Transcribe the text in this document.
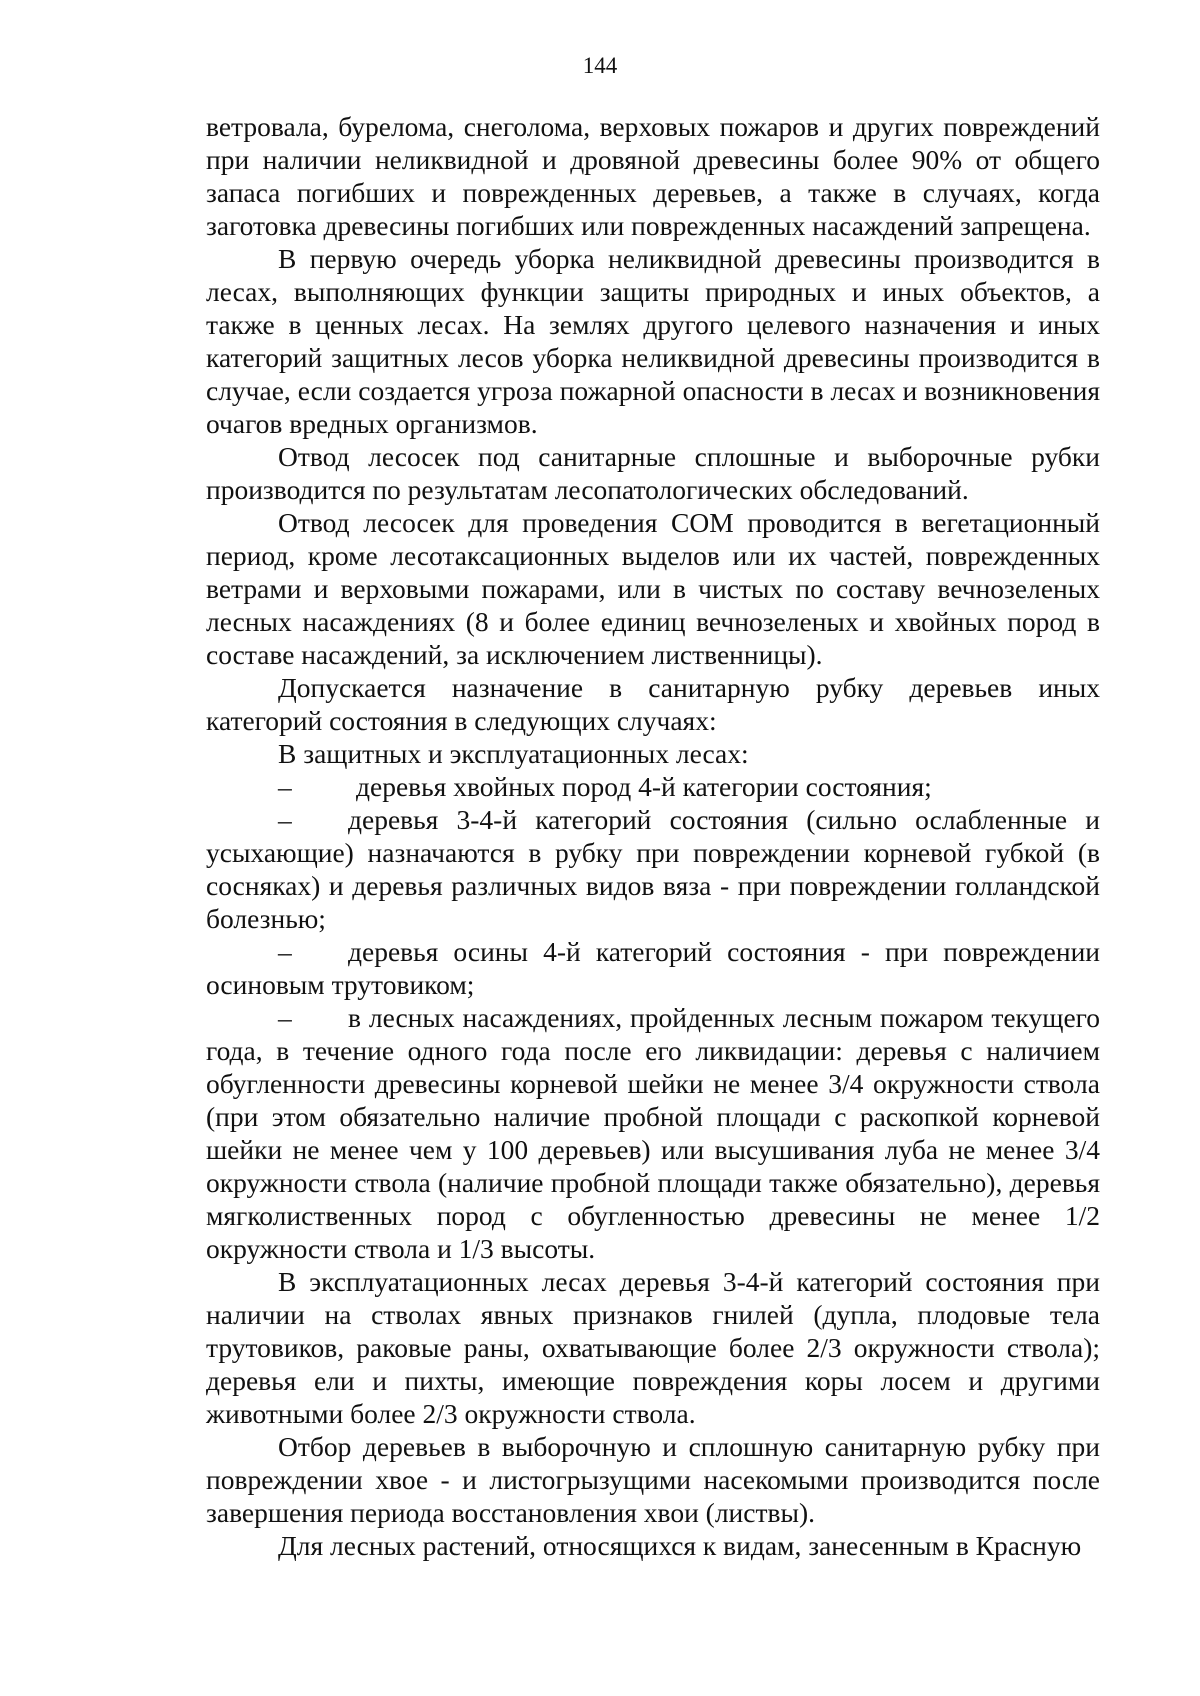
144

ветровала, бурелома, снеголома, верховых пожаров и других повреждений при наличии неликвидной и дровяной древесины более 90% от общего запаса погибших и поврежденных деревьев, а также в случаях, когда заготовка древесины погибших или поврежденных насаждений запрещена.

В первую очередь уборка неликвидной древесины производится в лесах, выполняющих функции защиты природных и иных объектов, а также в ценных лесах. На землях другого целевого назначения и иных категорий защитных лесов уборка неликвидной древесины производится в случае, если создается угроза пожарной опасности в лесах и возникновения очагов вредных организмов.

Отвод лесосек под санитарные сплошные и выборочные рубки производится по результатам лесопатологических обследований.

Отвод лесосек для проведения СОМ проводится в вегетационный период, кроме лесотаксационных выделов или их частей, поврежденных ветрами и верховыми пожарами, или в чистых по составу вечнозеленых лесных насаждениях (8 и более единиц вечнозеленых и хвойных пород в составе насаждений, за исключением лиственницы).

Допускается назначение в санитарную рубку деревьев иных категорий состояния в следующих случаях:

В защитных и эксплуатационных лесах:

– деревья хвойных пород 4-й категории состояния;

– деревья 3-4-й категорий состояния (сильно ослабленные и усыхающие) назначаются в рубку при повреждении корневой губкой (в сосняках) и деревья различных видов вяза - при повреждении голландской болезнью;

– деревья осины 4-й категорий состояния - при повреждении осиновым трутовиком;

– в лесных насаждениях, пройденных лесным пожаром текущего года, в течение одного года после его ликвидации: деревья с наличием обугленности древесины корневой шейки не менее 3/4 окружности ствола (при этом обязательно наличие пробной площади с раскопкой корневой шейки не менее чем у 100 деревьев) или высушивания луба не менее 3/4 окружности ствола (наличие пробной площади также обязательно), деревья мягколиственных пород с обугленностью древесины не менее 1/2 окружности ствола и 1/3 высоты.

В эксплуатационных лесах деревья 3-4-й категорий состояния при наличии на стволах явных признаков гнилей (дупла, плодовые тела трутовиков, раковые раны, охватывающие более 2/3 окружности ствола); деревья ели и пихты, имеющие повреждения коры лосем и другими животными более 2/3 окружности ствола.

Отбор деревьев в выборочную и сплошную санитарную рубку при повреждении хвое - и листогрызущими насекомыми производится после завершения периода восстановления хвои (листвы).

Для лесных растений, относящихся к видам, занесенным в Красную
